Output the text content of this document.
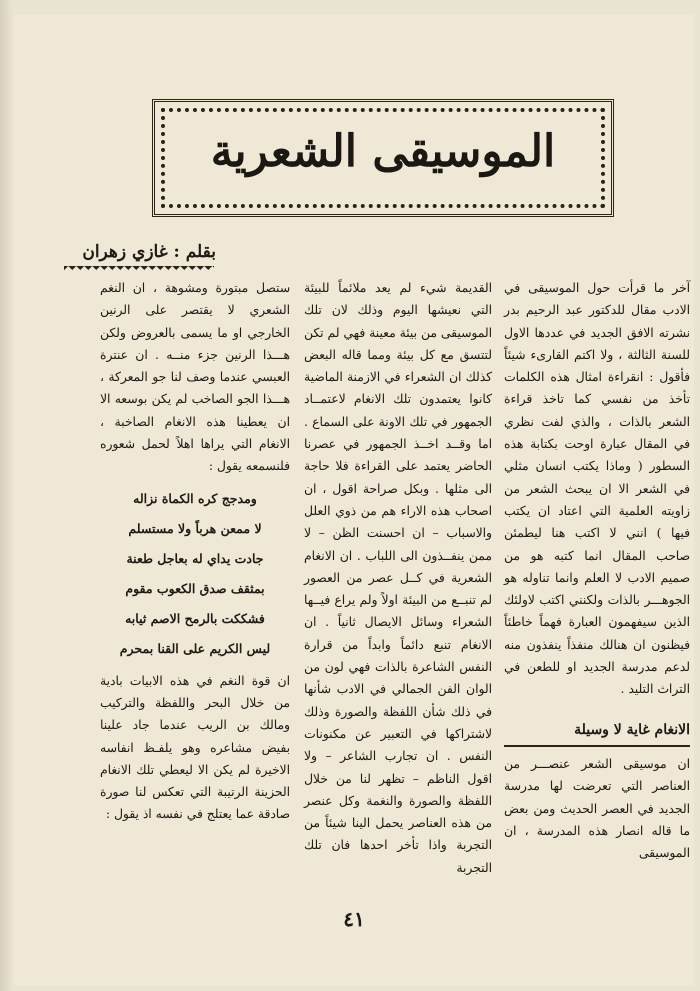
الموسيقى الشعرية
بقلم : غازي زهران

آخر ما قرأت حول الموسيقى في الادب مقال للدكتور عبد الرحيم بدر نشرته الافق الجديد في عددها الاول للسنة الثالثة ، ولا اكتم القارىء شيئاً فأقول : انقراءة امثال هذه الكلمات تأخذ من نفسي كما تاخذ قراءة الشعر بالذات ، والذي لفت نظري في المقال عبارة اوحت بكتابة هذه السطور ( وماذا يكتب انسان مثلي في الشعر الا ان يبحث الشعر من زاويته العلمية التي اعتاد ان يكتب فيها ) انني لا اكتب هنا ليطمئن صاحب المقال انما كتبه هو من صميم الادب لا العلم وانما تناوله هو الجوهـــر بالذات ولكنني اكتب لاولئك الذين سيفهمون العبارة فهماً خاطئاً فيظنون ان هنالك منفذاً ينفذون منه لدعم مدرسة الجديد او للطعن في التراث التليد .

الانغام غاية لا وسيلة

ان موسيقى الشعر عنصـــر من العناصر التي تعرضت لها مدرسة الجديد في العصر الحديث ومن بعض ما قاله انصار هذه المدرسة ، ان الموسيقى

القديمة شيء لم يعد ملائماً للبيئة التي نعيشها اليوم وذلك لان تلك الموسيقى من بيئة معينة فهي لم تكن لتتسق مع كل بيئة ومما قاله البعض كذلك ان الشعراء في الازمنة الماضية كانوا يعتمدون تلك الانغام لاعتمــاد الجمهور في تلك الاونة على السماع . اما وقــد اخــذ الجمهور في عصرنا الحاضر يعتمد على القراءة فلا حاجة الى مثلها . وبكل صراحة اقول ، ان اصحاب هذه الاراء هم من ذوي العلل والاسباب – ان احسنت الظن – لا ممن ينفــذون الى اللباب . ان الانغام الشعرية في كــل عصر من العصور لم تنبــع من البيئة اولاً ولم يراع فيــها الشعراء وسائل الايصال ثانياً . ان الانغام تنبع دائماً وابداً من قرارة النفس الشاعرة بالذات فهي لون من الوان الفن الجمالي في الادب شأنها في ذلك شأن اللفظة والصورة وذلك لاشتراكها في التعبير عن مكنونات النفس . ان تجارب الشاعر – ولا اقول الناظم – تظهر لنا من خلال اللفظة والصورة والنغمة وكل عنصر من هذه العناصر يحمل الينا شيئاً من التجربة واذا تأخر احدها فان تلك التجربة

ستصل مبتورة ومشوهة ، ان النغم الشعري لا يقتصر على الرنين الخارجي او ما يسمى بالعروض ولكن هـــذا الرنين جزء منــه . ان عنترة العبسي عندما وصف لنا جو المعركة ، هـــذا الجو الصاخب لم يكن بوسعه الا ان يعطينا هذه الانغام الصاخبة ، الانغام التي يراها اهلاً لحمل شعوره فلنسمعه يقول :

ومدجج كره الكماة نزاله

لا ممعن هرباً ولا مستسلم

جادت يداي له بعاجل طعنة

بمثقف صدق الكعوب مقوم

فشككت بالرمح الاصم ثيابه

ليس الكريم على القنا بمحرم

ان قوة النغم في هذه الابيات بادية من خلال البحر واللفظة والتركيب ومالك بن الريب عندما جاد علينا بفيض مشاعره وهو يلفـظ انفاسه الاخيرة لم يكن الا ليعطي تلك الانغام الحزينة الرتيبة التي تعكس لنا صورة صادقة عما يعتلج في نفسه اذ يقول :

٤١
